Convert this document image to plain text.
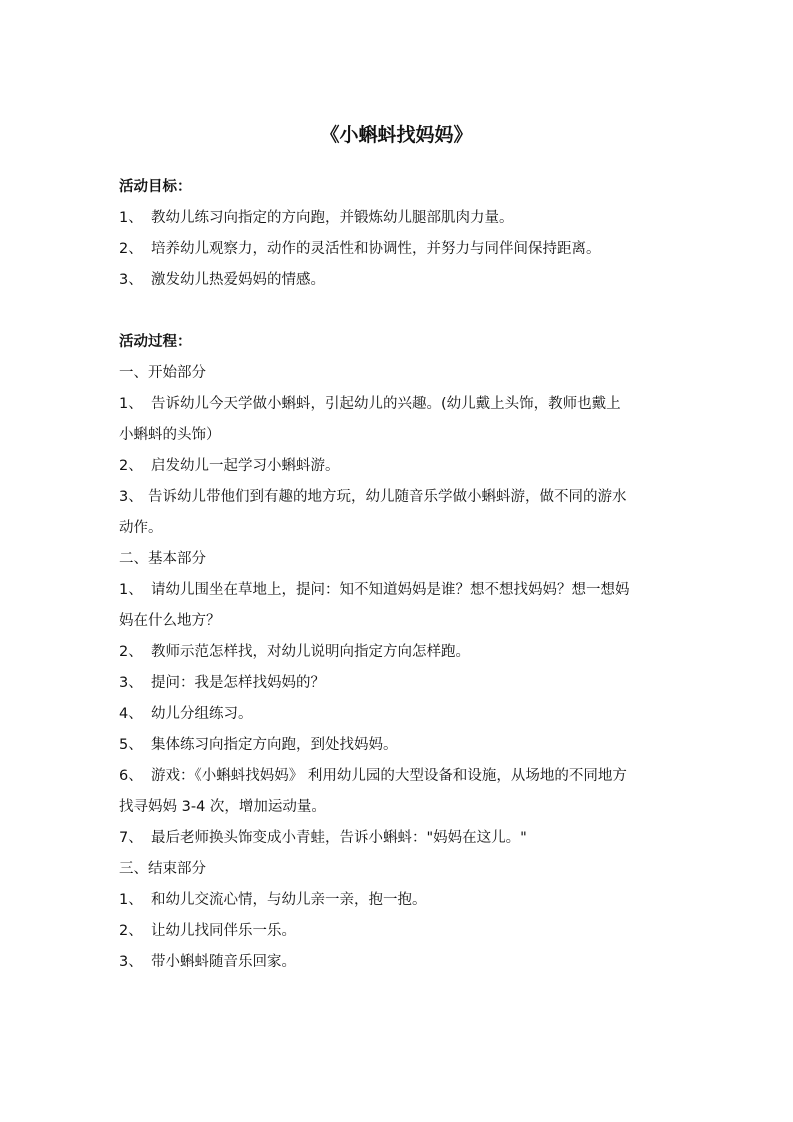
《小蝌蚪找妈妈》
活动目标：
1、 教幼儿练习向指定的方向跑，并锻炼幼儿腿部肌肉力量。
2、 培养幼儿观察力，动作的灵活性和协调性，并努力与同伴间保持距离。
3、 激发幼儿热爱妈妈的情感。
活动过程：
一、开始部分
1、 告诉幼儿今天学做小蝌蚪，引起幼儿的兴趣。(幼儿戴上头饰，教师也戴上
小蝌蚪的头饰）
2、 启发幼儿一起学习小蝌蚪游。
3、 告诉幼儿带他们到有趣的地方玩，幼儿随音乐学做小蝌蚪游，做不同的游水
动作。
二、基本部分
1、 请幼儿围坐在草地上，提问：知不知道妈妈是谁？想不想找妈妈？想一想妈
妈在什么地方？
2、 教师示范怎样找，对幼儿说明向指定方向怎样跑。
3、 提问：我是怎样找妈妈的？
4、 幼儿分组练习。
5、 集体练习向指定方向跑，到处找妈妈。
6、 游戏：《小蝌蚪找妈妈》 利用幼儿园的大型设备和设施，从场地的不同地方
找寻妈妈 3-4 次，增加运动量。
7、 最后老师换头饰变成小青蛙，告诉小蝌蚪："妈妈在这儿。"
三、结束部分
1、 和幼儿交流心情，与幼儿亲一亲，抱一抱。
2、 让幼儿找同伴乐一乐。
3、 带小蝌蚪随音乐回家。
